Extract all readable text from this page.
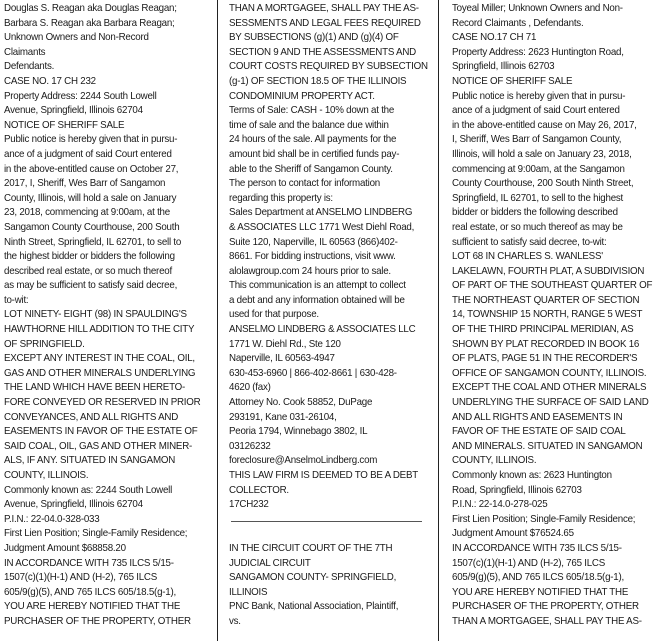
Douglas S. Reagan aka Douglas Reagan;
Barbara S. Reagan aka Barbara Reagan;
Unknown Owners and Non-Record
Claimants
Defendants.
CASE NO. 17 CH 232
Property Address: 2244 South Lowell
Avenue, Springfield, Illinois 62704
NOTICE OF SHERIFF SALE
Public notice is hereby given that in pursu-
ance of a judgment of said Court entered
in the above-entitled cause on October 27,
2017, I, Sheriff, Wes Barr of Sangamon
County, Illinois, will hold a sale on January
23, 2018, commencing at 9:00am, at the
Sangamon County Courthouse, 200 South
Ninth Street, Springfield, IL 62701, to sell to
the highest bidder or bidders the following
described real estate, or so much thereof
as may be sufficient to satisfy said decree,
to-wit:
LOT NINETY- EIGHT (98) IN SPAULDING'S
HAWTHORNE HILL ADDITION TO THE CITY
OF SPRINGFIELD.
EXCEPT ANY INTEREST IN THE COAL, OIL,
GAS AND OTHER MINERALS UNDERLYING
THE LAND WHICH HAVE BEEN HERETO-
FORE CONVEYED OR RESERVED IN PRIOR
CONVEYANCES, AND ALL RIGHTS AND
EASEMENTS IN FAVOR OF THE ESTATE OF
SAID COAL, OIL, GAS AND OTHER MINER-
ALS, IF ANY. SITUATED IN SANGAMON
COUNTY, ILLINOIS.
Commonly known as: 2244 South Lowell
Avenue, Springfield, Illinois 62704
P.I.N.: 22-04.0-328-033
First Lien Position; Single-Family Residence;
Judgment Amount $68858.20
IN ACCORDANCE WITH 735 ILCS 5/15-
1507(c)(1)(H-1) AND (H-2), 765 ILCS
605/9(g)(5), AND 765 ILCS 605/18.5(g-1),
YOU ARE HEREBY NOTIFIED THAT THE
PURCHASER OF THE PROPERTY, OTHER
THAN A MORTGAGEE, SHALL PAY THE AS-
SESSMENTS AND LEGAL FEES REQUIRED
BY SUBSECTIONS (g)(1) AND (g)(4) OF
SECTION 9 AND THE ASSESSMENTS AND
COURT COSTS REQUIRED BY SUBSECTION
(g-1) OF SECTION 18.5 OF THE ILLINOIS
CONDOMINIUM PROPERTY ACT.
Terms of Sale: CASH - 10% down at the
time of sale and the balance due within
24 hours of the sale. All payments for the
amount bid shall be in certified funds pay-
able to the Sheriff of Sangamon County.
The person to contact for information
regarding this property is:
Sales Department at ANSELMO LINDBERG
& ASSOCIATES LLC 1771 West Diehl Road,
Suite 120, Naperville, IL 60563 (866)402-
8661. For bidding instructions, visit www.
alolawgroup.com 24 hours prior to sale.
This communication is an attempt to collect
a debt and any information obtained will be
used for that purpose.
ANSELMO LINDBERG & ASSOCIATES LLC
1771 W. Diehl Rd., Ste 120
Naperville, IL 60563-4947
630-453-6960 | 866-402-8661 | 630-428-
4620 (fax)
Attorney No. Cook 58852, DuPage
293191, Kane 031-26104,
Peoria 1794, Winnebago 3802, IL
03126232
foreclosure@AnselmoLindberg.com
THIS LAW FIRM IS DEEMED TO BE A DEBT
COLLECTOR.
17CH232
IN THE CIRCUIT COURT OF THE 7TH
JUDICIAL CIRCUIT
SANGAMON COUNTY- SPRINGFIELD,
ILLINOIS
PNC Bank, National Association, Plaintiff,
vs.
Toyeal Miller; Unknown Owners and Non-
Record Claimants , Defendants.
CASE NO.17 CH 71
Property Address: 2623 Huntington Road,
Springfield, Illinois 62703
NOTICE OF SHERIFF SALE
Public notice is hereby given that in pursu-
ance of a judgment of said Court entered
in the above-entitled cause on May 26, 2017,
I, Sheriff, Wes Barr of Sangamon County,
Illinois, will hold a sale on January 23, 2018,
commencing at 9:00am, at the Sangamon
County Courthouse, 200 South Ninth Street,
Springfield, IL 62701, to sell to the highest
bidder or bidders the following described
real estate, or so much thereof as may be
sufficient to satisfy said decree, to-wit:
LOT 68 IN CHARLES S. WANLESS'
LAKELAWN, FOURTH PLAT, A SUBDIVISION
OF PART OF THE SOUTHEAST QUARTER OF
THE NORTHEAST QUARTER OF SECTION
14, TOWNSHIP 15 NORTH, RANGE 5 WEST
OF THE THIRD PRINCIPAL MERIDIAN, AS
SHOWN BY PLAT RECORDED IN BOOK 16
OF PLATS, PAGE 51 IN THE RECORDER'S
OFFICE OF SANGAMON COUNTY, ILLINOIS.
EXCEPT THE COAL AND OTHER MINERALS
UNDERLYING THE SURFACE OF SAID LAND
AND ALL RIGHTS AND EASEMENTS IN
FAVOR OF THE ESTATE OF SAID COAL
AND MINERALS. SITUATED IN SANGAMON
COUNTY, ILLINOIS.
Commonly known as: 2623 Huntington
Road, Springfield, Illinois 62703
P.I.N.: 22-14.0-278-025
First Lien Position; Single-Family Residence;
Judgment Amount $76524.65
IN ACCORDANCE WITH 735 ILCS 5/15-
1507(c)(1)(H-1) AND (H-2), 765 ILCS
605/9(g)(5), AND 765 ILCS 605/18.5(g-1),
YOU ARE HEREBY NOTIFIED THAT THE
PURCHASER OF THE PROPERTY, OTHER
THAN A MORTGAGEE, SHALL PAY THE AS-
